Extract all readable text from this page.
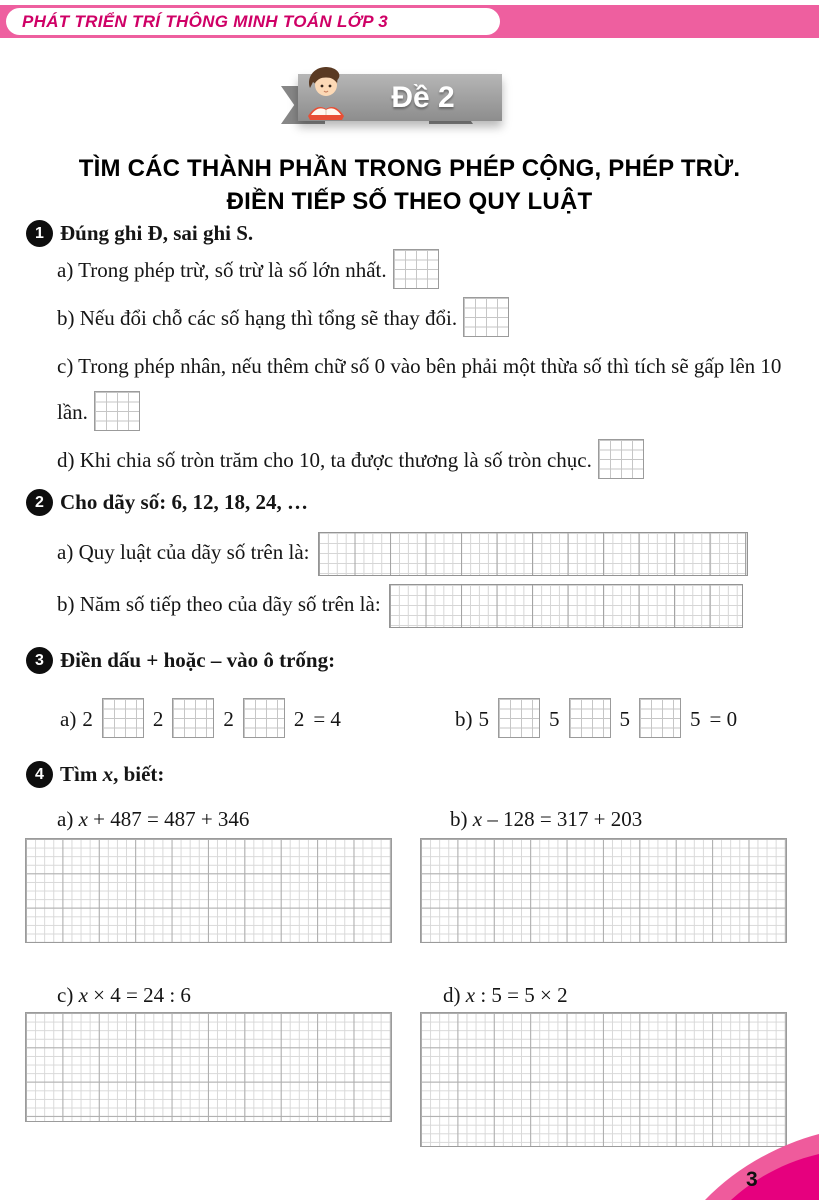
PHÁT TRIỂN TRÍ THÔNG MINH TOÁN LỚP 3
Đề 2
TÌM CÁC THÀNH PHẦN TRONG PHÉP CỘNG, PHÉP TRỪ.
ĐIỀN TIẾP SỐ THEO QUY LUẬT
1 Đúng ghi Đ, sai ghi S.
a) Trong phép trừ, số trừ là số lớn nhất.
b) Nếu đổi chỗ các số hạng thì tổng sẽ thay đổi.
c) Trong phép nhân, nếu thêm chữ số 0 vào bên phải một thừa số thì tích sẽ gấp lên 10 lần.
d) Khi chia số tròn trăm cho 10, ta được thương là số tròn chục.
2 Cho dãy số: 6, 12, 18, 24, …
a) Quy luật của dãy số trên là:
b) Năm số tiếp theo của dãy số trên là:
3 Điền dấu + hoặc – vào ô trống:
a) 2	2	2	2 = 4	b) 5	5	5	5 = 0
4 Tìm x, biết:
a) x + 487 = 487 + 346	b) x – 128 = 317 + 203
c) x × 4 = 24 : 6	d) x : 5 = 5 × 2
3
